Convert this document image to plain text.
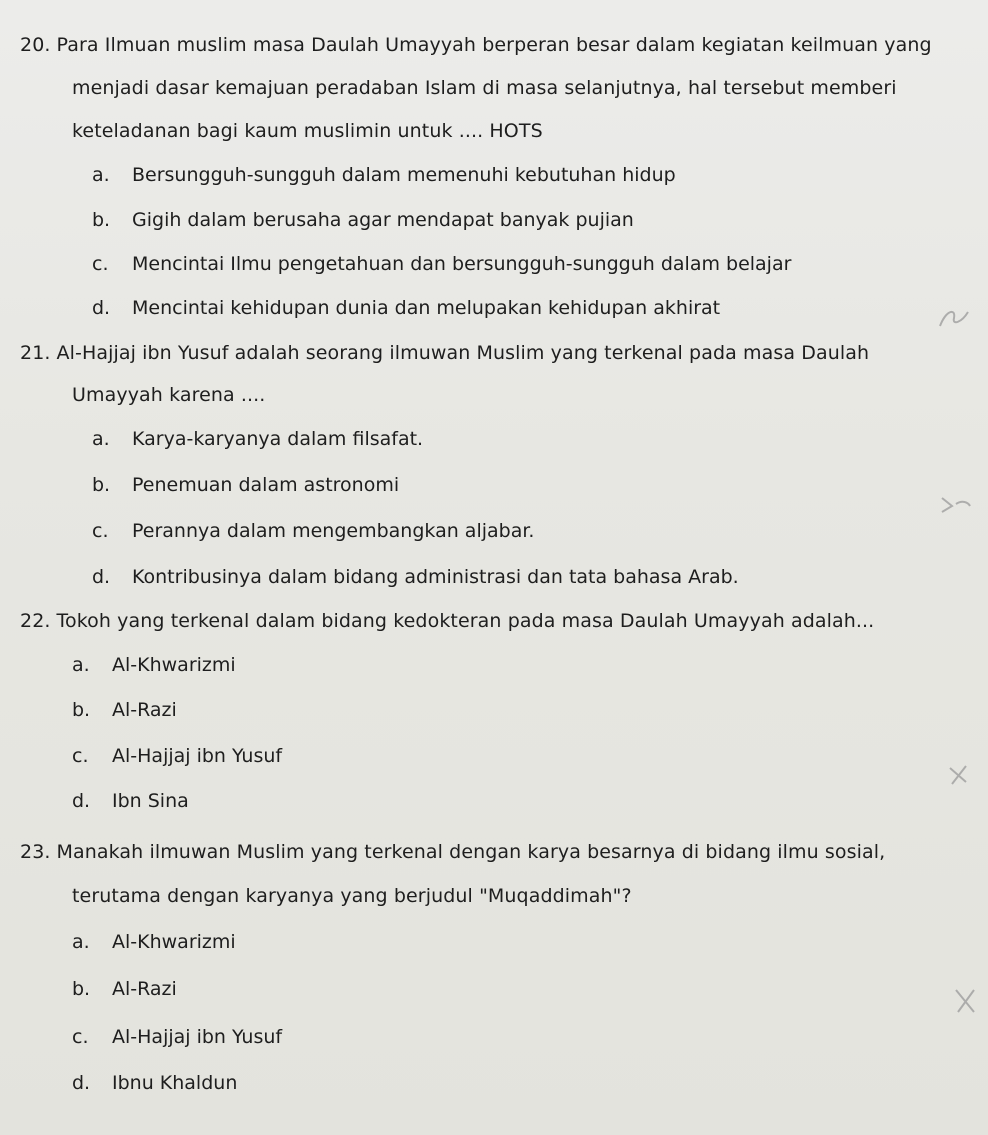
20. Para Ilmuan muslim masa Daulah Umayyah berperan besar dalam kegiatan keilmuan yang
menjadi dasar kemajuan peradaban Islam di masa selanjutnya, hal tersebut memberi
keteladanan bagi kaum muslimin untuk .... HOTS
a. Bersungguh-sungguh dalam memenuhi kebutuhan hidup
b. Gigih dalam berusaha agar mendapat banyak pujian
c. Mencintai Ilmu pengetahuan dan bersungguh-sungguh dalam belajar
d. Mencintai kehidupan dunia dan melupakan kehidupan akhirat
21. Al-Hajjaj ibn Yusuf adalah seorang ilmuwan Muslim yang terkenal pada masa Daulah
Umayyah karena ....
a. Karya-karyanya dalam filsafat.
b. Penemuan dalam astronomi
c. Perannya dalam mengembangkan aljabar.
d. Kontribusinya dalam bidang administrasi dan tata bahasa Arab.
22. Tokoh yang terkenal dalam bidang kedokteran pada masa Daulah Umayyah adalah...
a. Al-Khwarizmi
b. Al-Razi
c. Al-Hajjaj ibn Yusuf
d. Ibn Sina
23. Manakah ilmuwan Muslim yang terkenal dengan karya besarnya di bidang ilmu sosial,
terutama dengan karyanya yang berjudul "Muqaddimah"?
a. Al-Khwarizmi
b. Al-Razi
c. Al-Hajjaj ibn Yusuf
d. Ibnu Khaldun
